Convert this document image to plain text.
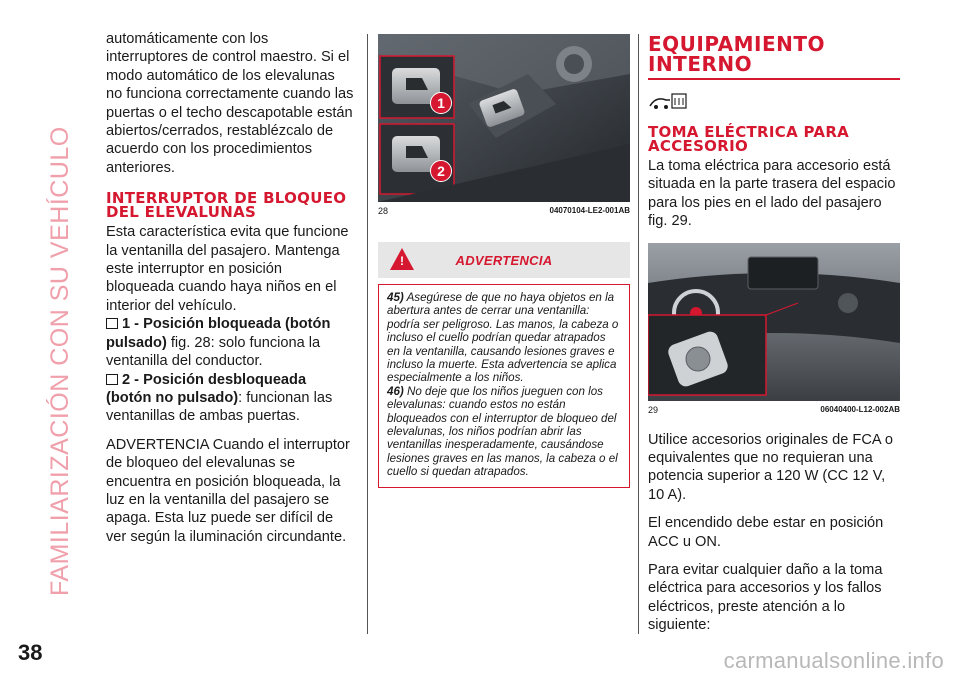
FAMILIARIZACIÓN CON SU VEHÍCULO
38	carmanualsonline.info

automáticamente con los interruptores de control maestro. Si el modo automático de los elevalunas no funciona correctamente cuando las puertas o el techo descapotable están abiertos/cerrados, restablézcalo de acuerdo con los procedimientos anteriores.

INTERRUPTOR DE BLOQUEO DEL ELEVALUNAS

Esta característica evita que funcione la ventanilla del pasajero. Mantenga este interruptor en posición bloqueada cuando haya niños en el interior del vehículo.

1 - Posición bloqueada (botón pulsado) fig. 28: solo funciona la ventanilla del conductor.

2 - Posición desbloqueada (botón no pulsado): funcionan las ventanillas de ambas puertas.

ADVERTENCIA Cuando el interruptor de bloqueo del elevalunas se encuentra en posición bloqueada, la luz en la ventanilla del pasajero se apaga. Esta luz puede ser difícil de ver según la iluminación circundante.

1
2
28	04070104-LE2-001AB
!	ADVERTENCIA

45) Asegúrese de que no haya objetos en la abertura antes de cerrar una ventanilla: podría ser peligroso. Las manos, la cabeza o incluso el cuello podrían quedar atrapados en la ventanilla, causando lesiones graves e incluso la muerte. Esta advertencia se aplica especialmente a los niños.

46) No deje que los niños jueguen con los elevalunas: cuando estos no están bloqueados con el interruptor de bloqueo del elevalunas, los niños podrían abrir las ventanillas inesperadamente, causándose lesiones graves en las manos, la cabeza o el cuello si quedan atrapados.

EQUIPAMIENTO INTERNO
TOMA ELÉCTRICA PARA ACCESORIO

La toma eléctrica para accesorio está situada en la parte trasera del espacio para los pies en el lado del pasajero fig. 29.

29	06040400-L12-002AB

Utilice accesorios originales de FCA o equivalentes que no requieran una potencia superior a 120 W (CC 12 V, 10 A).

El encendido debe estar en posición ACC u ON.

Para evitar cualquier daño a la toma eléctrica para accesorios y los fallos eléctricos, preste atención a lo siguiente:
